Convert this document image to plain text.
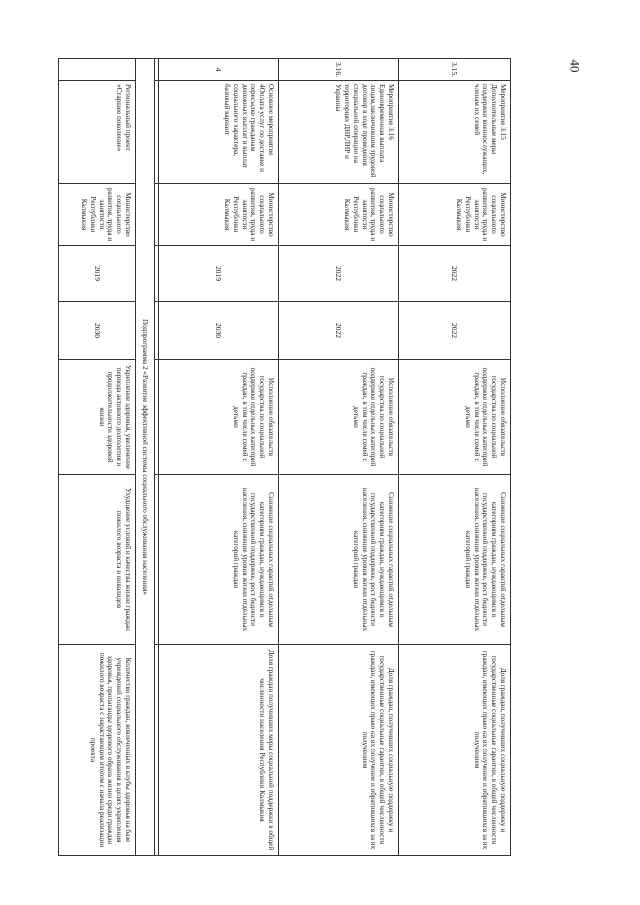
40
3.15.	Мероприятие 3.15 Дополнительные меры поддержки военнослужащих, членам их семей	Министерство социального развития, труда и занятости Республики Калмыкия	2022	2022	Исполнение обязательств государства по социальной поддержке отдельных категорий граждан, в том числе семей с детьми	Снижение социальных гарантий отдельным категориям граждан, нуждающимся в государственной поддержке, рост бедности населения, снижение уровня жизни отдельных категорий граждан	Доля граждан, получивших социальную поддержку и государственные социальные гарантии, в общей численности граждан, имеющих право на их получение и обратившихся за их получением
3.16.	Мероприятие 3.16 Единовременная выплата лицам,заключившим трудовой договор в ходе проведения специальной операции на территориях ДНР,ЛНР и Украины	Министерство социального развития, труда и занятости Республики Калмыкия	2022	2022	Исполнение обязательств государства по социальной поддержке отдельных категорий граждан, в том числе семей с детьми	Снижение социальных гарантий отдельным категориям граждан, нуждающимся в государственной поддержке, рост бедности населения, снижение уровня жизни отдельных категорий граждан	Доля граждан, получивших социальную поддержку и государственные социальные гарантии, в общей численности граждан, имеющих право на их получение и обратившихся за их получением
4	Основное мероприятие 4Оплата услуг по доставке и пересылке гражданам денежных выплат и выплат социального характера, базовый вариант	Министерство социального развития, труда и занятости Республики Калмыкия	2019	2030	Исполнение обязательств государства по социальной поддержке отдельных категорий граждан, в том числе семей с детьми	Снижение социальных гарантий отдельным категориям граждан, нуждающимся в государственной поддержке, рост бедности населения, снижение уровня жизни отдельных категорий граждан	Доля граждан получивших меры социальной поддержки в общей численности населения Республики Калмыкия

Подпрограмма 2 «Развитие эффективной системы социального обслуживания населения»							
	Региональный проект «Старшее поколение»	Министерство социального развития, труда и занятости Республики Калмыкия	2019	2030	Укрепление здоровья, увеличение периода активного долголетия и продолжительности здоровой жизни	Ухудшение условий и качества жизни граждан пожилого возраста и инвалидов	Количество граждан, вовлеченных в клубы здоровья на базе учреждений социального обслуживания в целях укрепления здоровья, пропаганды здорового образа жизни среди граждан пожилого возраста с нарастающим итогом с начала реализации проекта
